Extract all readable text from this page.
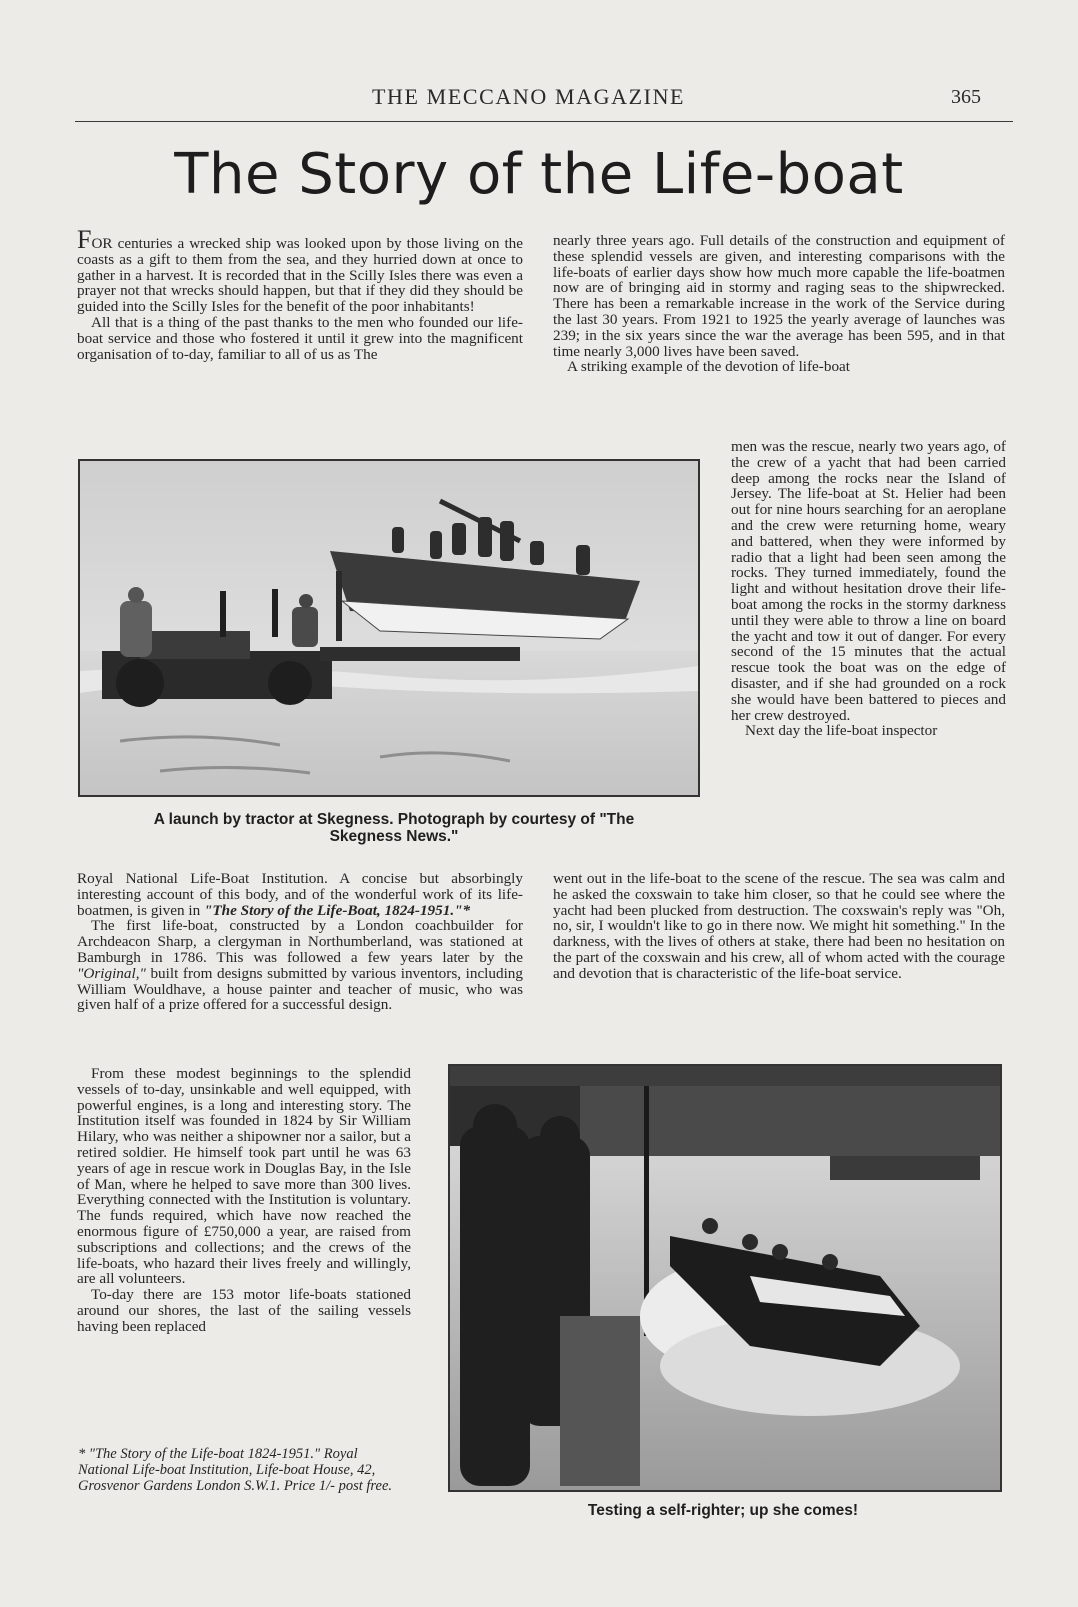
THE MECCANO MAGAZINE	365
The Story of the Life-boat

FOR centuries a wrecked ship was looked upon by those living on the coasts as a gift to them from the sea, and they hurried down at once to gather in a harvest. It is recorded that in the Scilly Isles there was even a prayer not that wrecks should happen, but that if they did they should be guided into the Scilly Isles for the benefit of the poor inhabitants!

All that is a thing of the past thanks to the men who founded our life-boat service and those who fostered it until it grew into the magnificent organisation of to-day, familiar to all of us as The

nearly three years ago. Full details of the construction and equipment of these splendid vessels are given, and interesting comparisons with the life-boats of earlier days show how much more capable the life-boatmen now are of bringing aid in stormy and raging seas to the shipwrecked. There has been a remarkable increase in the work of the Service during the last 30 years. From 1921 to 1925 the yearly average of launches was 239; in the six years since the war the average has been 595, and in that time nearly 3,000 lives have been saved.

A striking example of the devotion of life-boat

men was the rescue, nearly two years ago, of the crew of a yacht that had been carried deep among the rocks near the Island of Jersey. The life-boat at St. Helier had been out for nine hours searching for an aeroplane and the crew were returning home, weary and battered, when they were informed by radio that a light had been seen among the rocks. They turned immediately, found the light and without hesitation drove their life-boat among the rocks in the stormy darkness until they were able to throw a line on board the yacht and tow it out of danger. For every second of the 15 minutes that the actual rescue took the boat was on the edge of disaster, and if she had grounded on a rock she would have been battered to pieces and her crew destroyed.

Next day the life-boat inspector

A launch by tractor at Skegness. Photograph by courtesy of "The
Skegness News."

Royal National Life-Boat Institution. A concise but absorbingly interesting account of this body, and of the wonderful work of its life-boatmen, is given in "The Story of the Life-Boat, 1824-1951."*

The first life-boat, constructed by a London coachbuilder for Archdeacon Sharp, a clergyman in Northumberland, was stationed at Bamburgh in 1786. This was followed a few years later by the "Original," built from designs submitted by various inventors, including William Wouldhave, a house painter and teacher of music, who was given half of a prize offered for a successful design.

From these modest beginnings to the splendid vessels of to-day, unsinkable and well equipped, with powerful engines, is a long and interesting story. The Institution itself was founded in 1824 by Sir William Hilary, who was neither a shipowner nor a sailor, but a retired soldier. He himself took part until he was 63 years of age in rescue work in Douglas Bay, in the Isle of Man, where he helped to save more than 300 lives. Everything connected with the Institution is voluntary. The funds required, which have now reached the enormous figure of £750,000 a year, are raised from subscriptions and collections; and the crews of the life-boats, who hazard their lives freely and willingly, are all volunteers.

To-day there are 153 motor life-boats stationed around our shores, the last of the sailing vessels having been replaced

went out in the life-boat to the scene of the rescue. The sea was calm and he asked the coxswain to take him closer, so that he could see where the yacht had been plucked from destruction. The coxswain's reply was "Oh, no, sir, I wouldn't like to go in there now. We might hit something." In the darkness, with the lives of others at stake, there had been no hesitation on the part of the coxswain and his crew, all of whom acted with the courage and devotion that is characteristic of the life-boat service.

Testing a self-righter; up she comes!
* "The Story of the Life-boat 1824-1951." Royal National Life-boat Institution, Life-boat House, 42, Grosvenor Gardens London S.W.1. Price 1/- post free.
